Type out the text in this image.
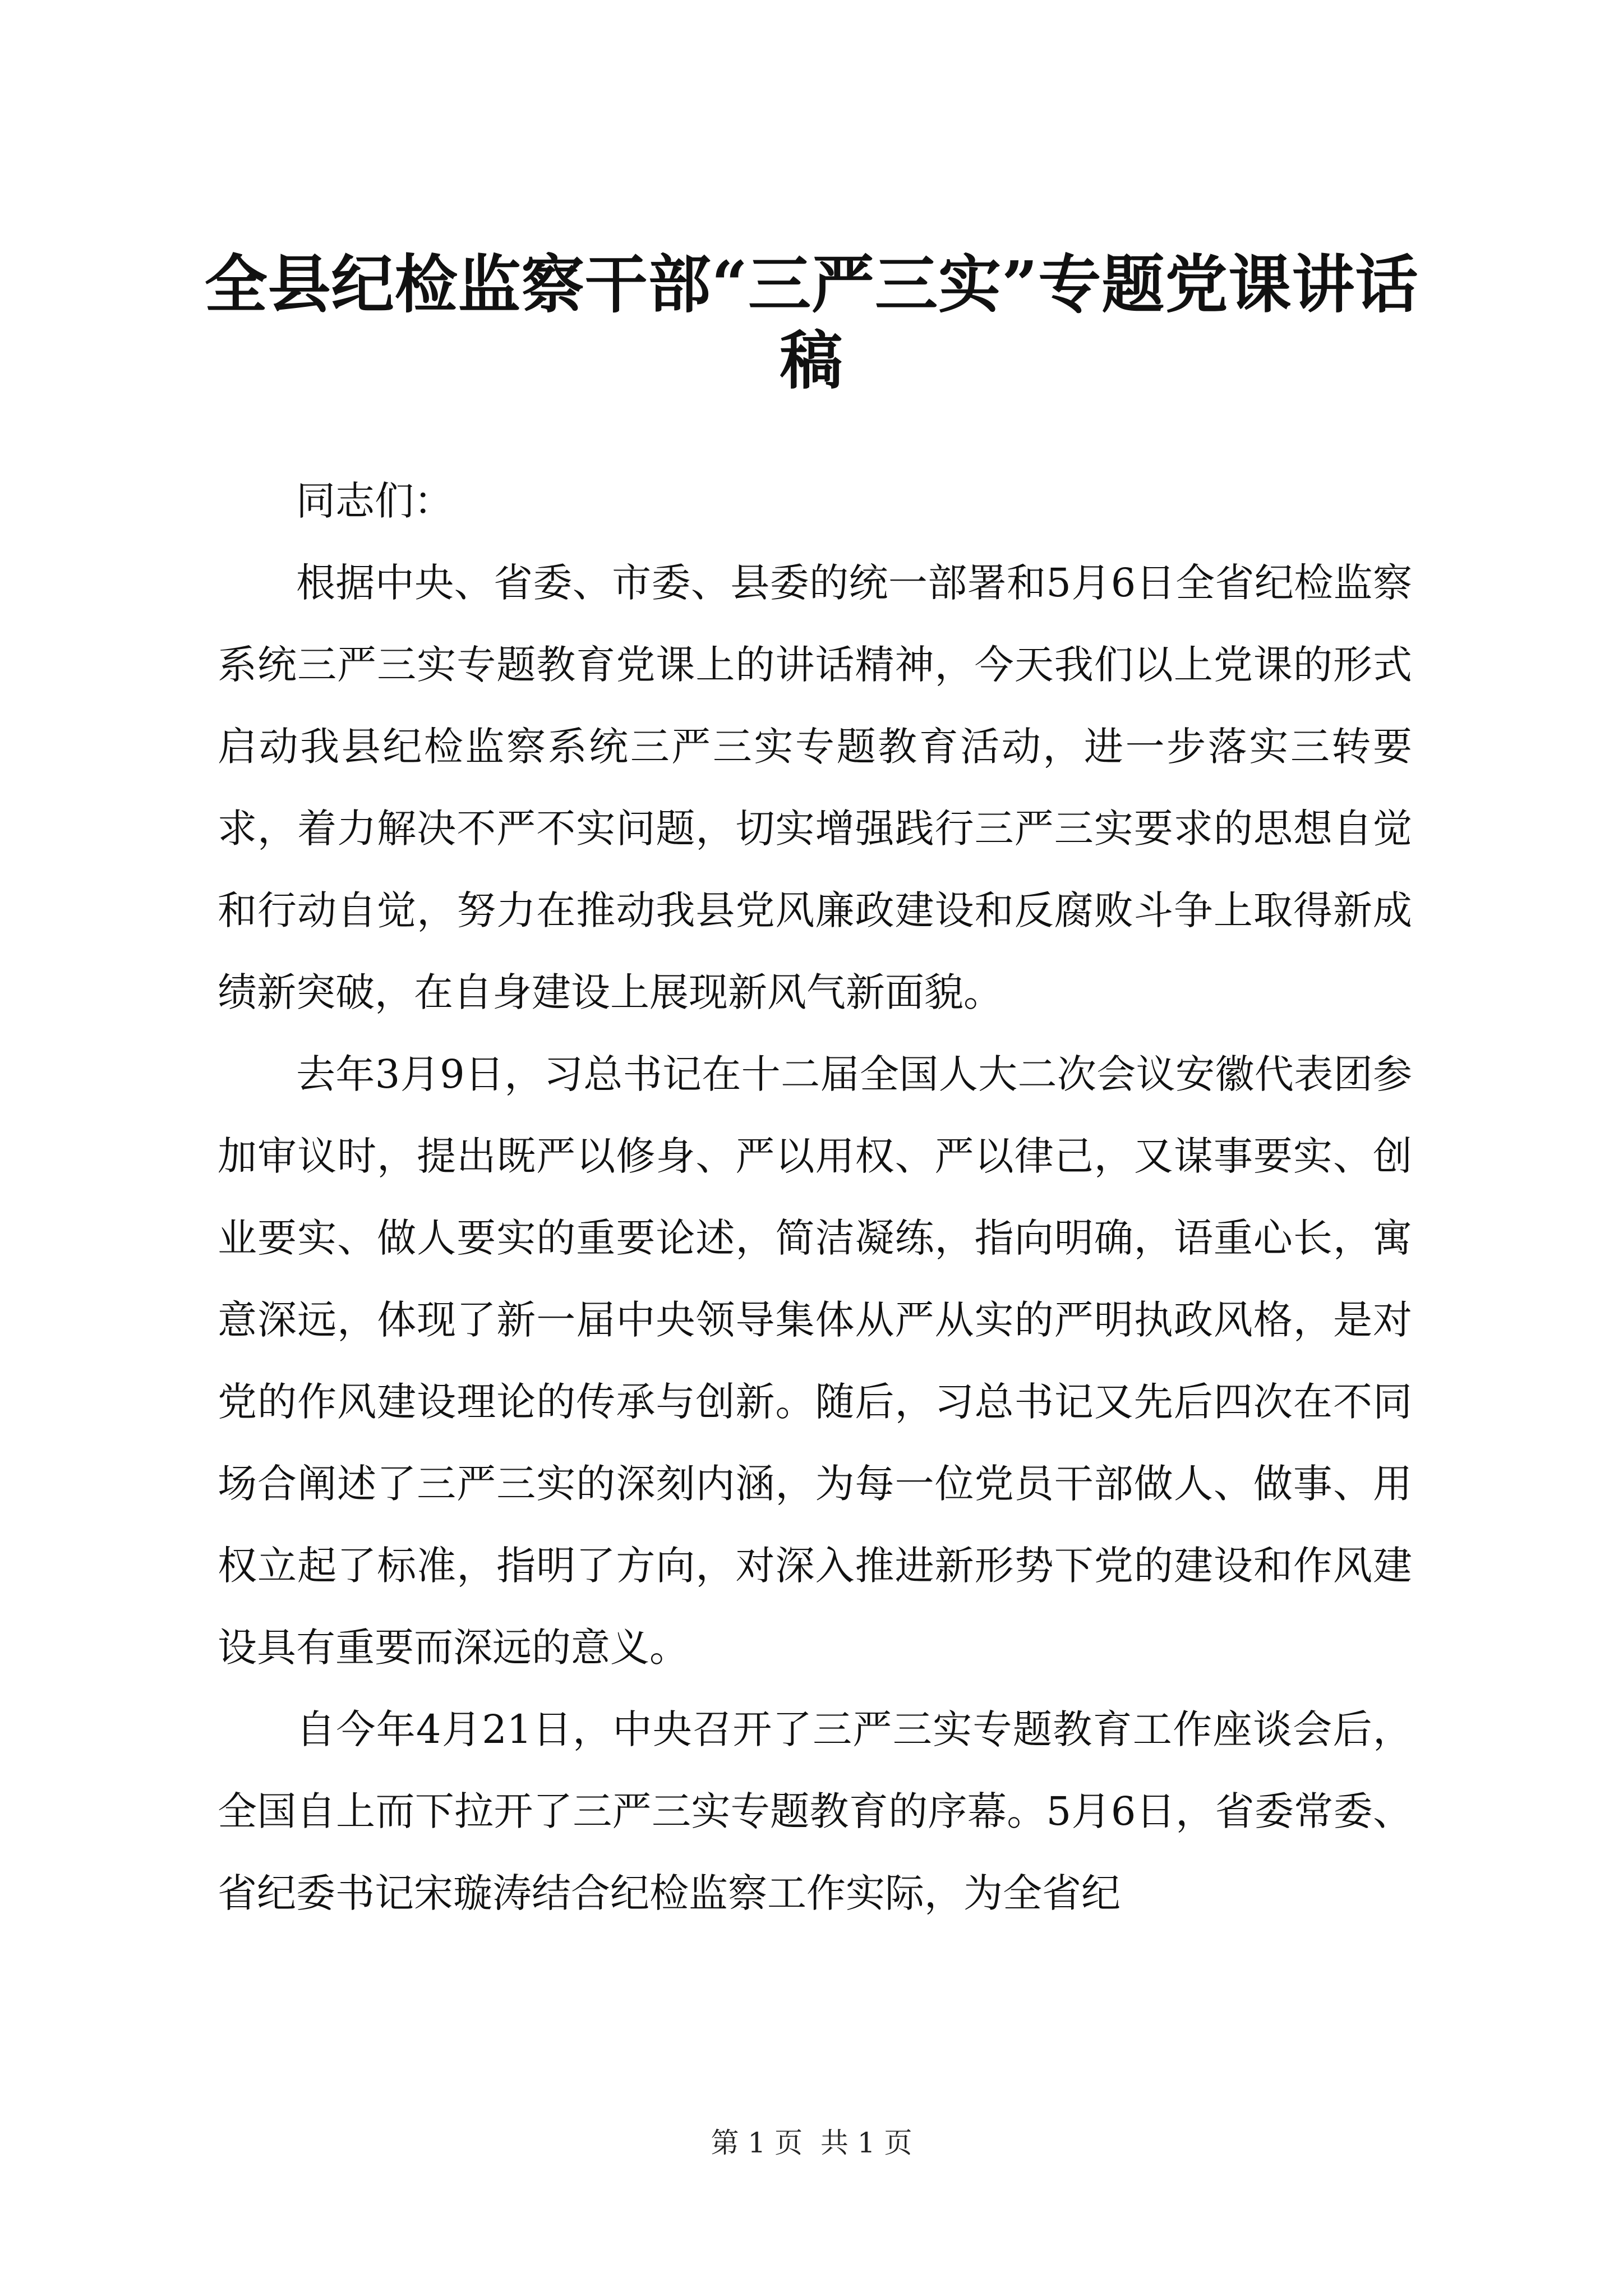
全县纪检监察干部“三严三实”专题党课讲话稿

同志们：

根据中央、省委、市委、县委的统一部署和5月6日全省纪检监察系统三严三实专题教育党课上的讲话精神，今天我们以上党课的形式启动我县纪检监察系统三严三实专题教育活动，进一步落实三转要求，着力解决不严不实问题，切实增强践行三严三实要求的思想自觉和行动自觉，努力在推动我县党风廉政建设和反腐败斗争上取得新成绩新突破，在自身建设上展现新风气新面貌。

去年3月9日，习总书记在十二届全国人大二次会议安徽代表团参加审议时，提出既严以修身、严以用权、严以律己，又谋事要实、创业要实、做人要实的重要论述，简洁凝练，指向明确，语重心长，寓意深远，体现了新一届中央领导集体从严从实的严明执政风格，是对党的作风建设理论的传承与创新。随后，习总书记又先后四次在不同场合阐述了三严三实的深刻内涵，为每一位党员干部做人、做事、用权立起了标准，指明了方向，对深入推进新形势下党的建设和作风建设具有重要而深远的意义。

自今年4月21日，中央召开了三严三实专题教育工作座谈会后，全国自上而下拉开了三严三实专题教育的序幕。5月6日，省委常委、省纪委书记宋璇涛结合纪检监察工作实际，为全省纪

第 1 页  共 1 页
